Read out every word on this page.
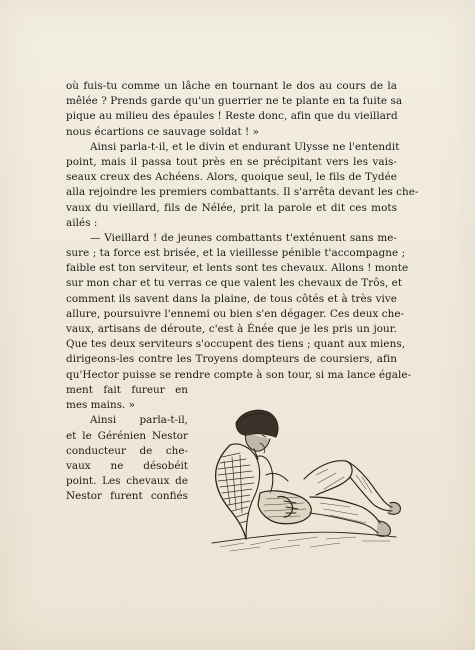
où fuis-tu comme un lâche en tournant le dos au cours de la
mêlée ? Prends garde qu'un guerrier ne te plante en ta fuite sa
pique au milieu des épaules ! Reste donc, afin que du vieillard
nous écartions ce sauvage soldat ! »
Ainsi parla-t-il, et le divin et endurant Ulysse ne l'entendit
point, mais il passa tout près en se précipitant vers les vais-
seaux creux des Achéens. Alors, quoique seul, le fils de Tydée
alla rejoindre les premiers combattants. Il s'arrêta devant les che-
vaux du vieillard, fils de Nélée, prit la parole et dit ces mots
ailés :
— Vieillard ! de jeunes combattants t'exténuent sans me-
sure ; ta force est brisée, et la vieillesse pénible t'accompagne ;
faible est ton serviteur, et lents sont tes chevaux. Allons ! monte
sur mon char et tu verras ce que valent les chevaux de Trôs, et
comment ils savent dans la plaine, de tous côtés et à très vive
allure, poursuivre l'ennemi ou bien s'en dégager. Ces deux che-
vaux, artisans de déroute, c'est à Énée que je les pris un jour.
Que tes deux serviteurs s'occupent des tiens ; quant aux miens,
dirigeons-les contre les Troyens dompteurs de coursiers, afin
qu'Hector puisse se rendre compte à son tour, si ma lance égale-
ment fait fureur en
mes mains. »
Ainsi parla-t-il,
et le Gérénien Nestor
conducteur de che-
vaux ne désobéit
point. Les chevaux de
Nestor furent confiés
